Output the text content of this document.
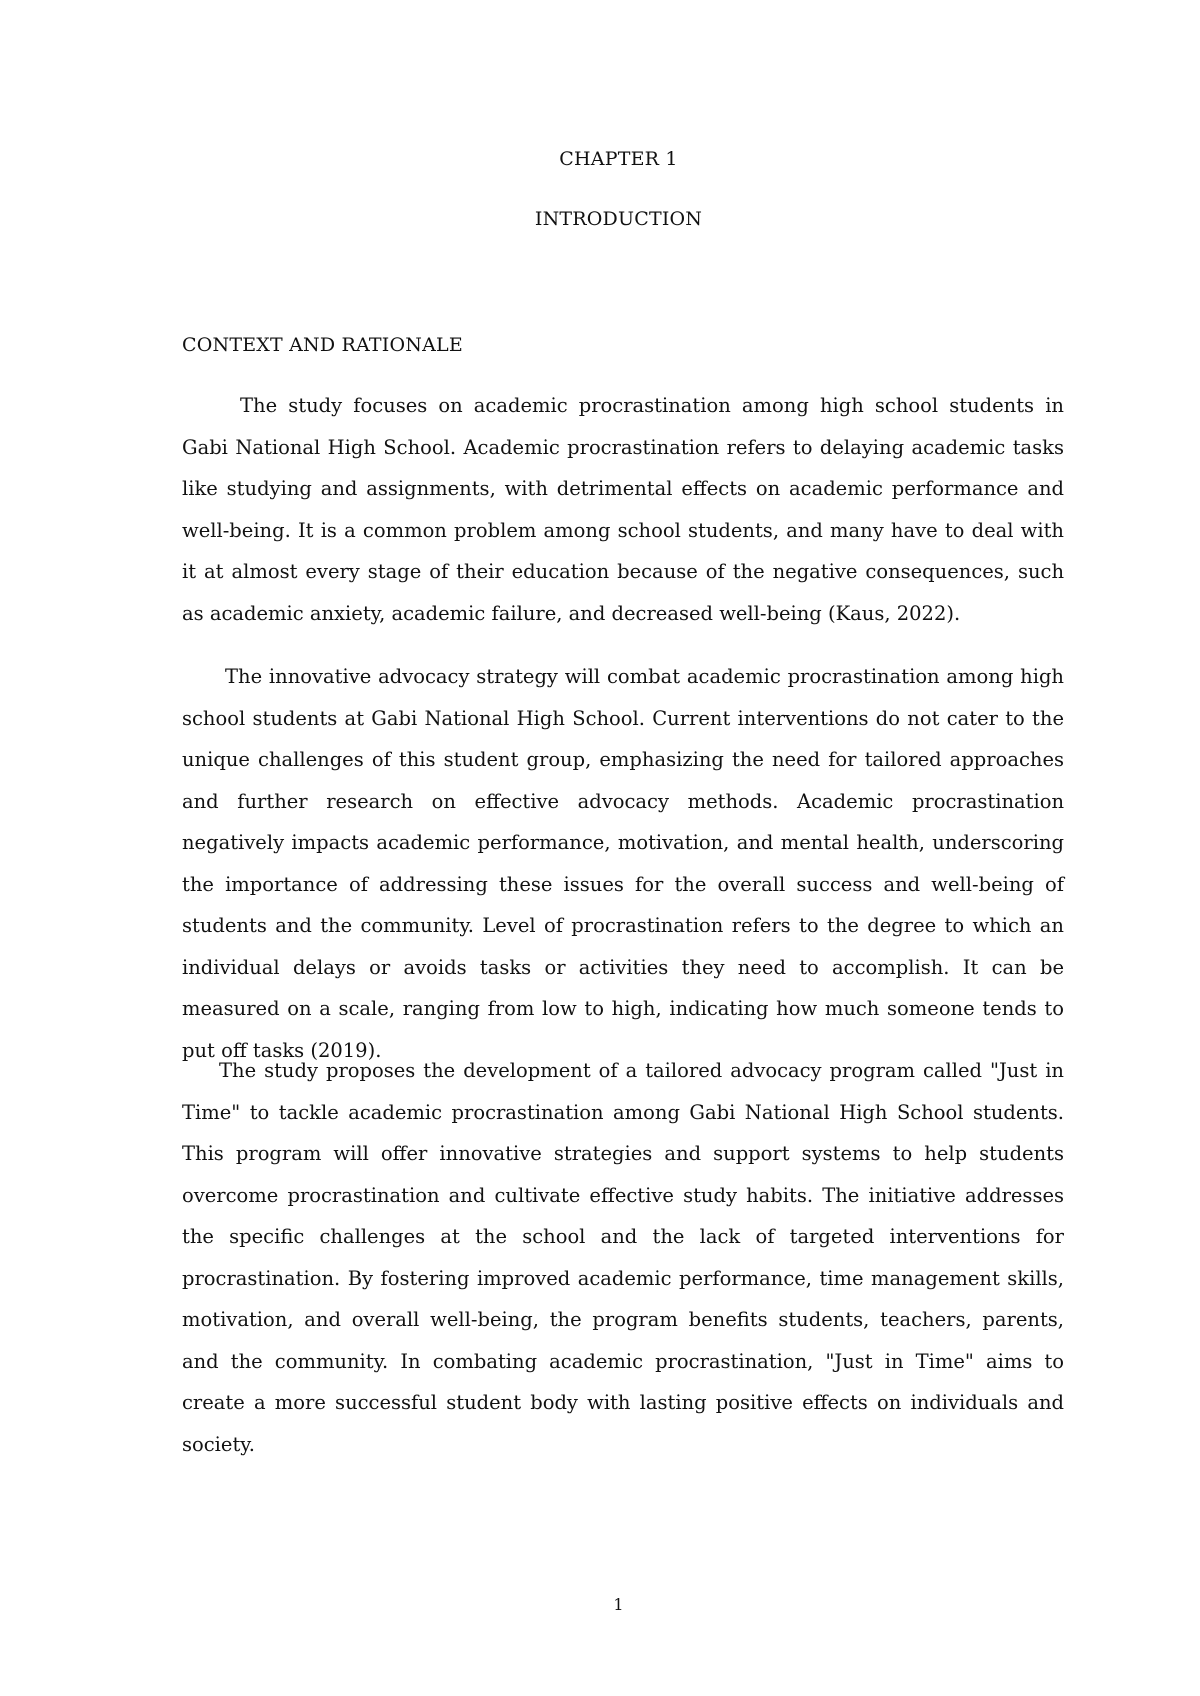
CHAPTER 1
INTRODUCTION
CONTEXT AND RATIONALE

The study focuses on academic procrastination among high school students in Gabi National High School. Academic procrastination refers to delaying academic tasks like studying and assignments, with detrimental effects on academic performance and well-being. It is a common problem among school students, and many have to deal with it at almost every stage of their education because of the negative consequences, such as academic anxiety, academic failure, and decreased well-being (Kaus, 2022).

The innovative advocacy strategy will combat academic procrastination among high school students at Gabi National High School. Current interventions do not cater to the unique challenges of this student group, emphasizing the need for tailored approaches and further research on effective advocacy methods. Academic procrastination negatively impacts academic performance, motivation, and mental health, underscoring the importance of addressing these issues for the overall success and well-being of students and the community. Level of procrastination refers to the degree to which an individual delays or avoids tasks or activities they need to accomplish. It can be measured on a scale, ranging from low to high, indicating how much someone tends to put off tasks (2019).

The study proposes the development of a tailored advocacy program called "Just in Time" to tackle academic procrastination among Gabi National High School students. This program will offer innovative strategies and support systems to help students overcome procrastination and cultivate effective study habits. The initiative addresses the specific challenges at the school and the lack of targeted interventions for procrastination. By fostering improved academic performance, time management skills, motivation, and overall well-being, the program benefits students, teachers, parents, and the community. In combating academic procrastination, "Just in Time" aims to create a more successful student body with lasting positive effects on individuals and society.

1
